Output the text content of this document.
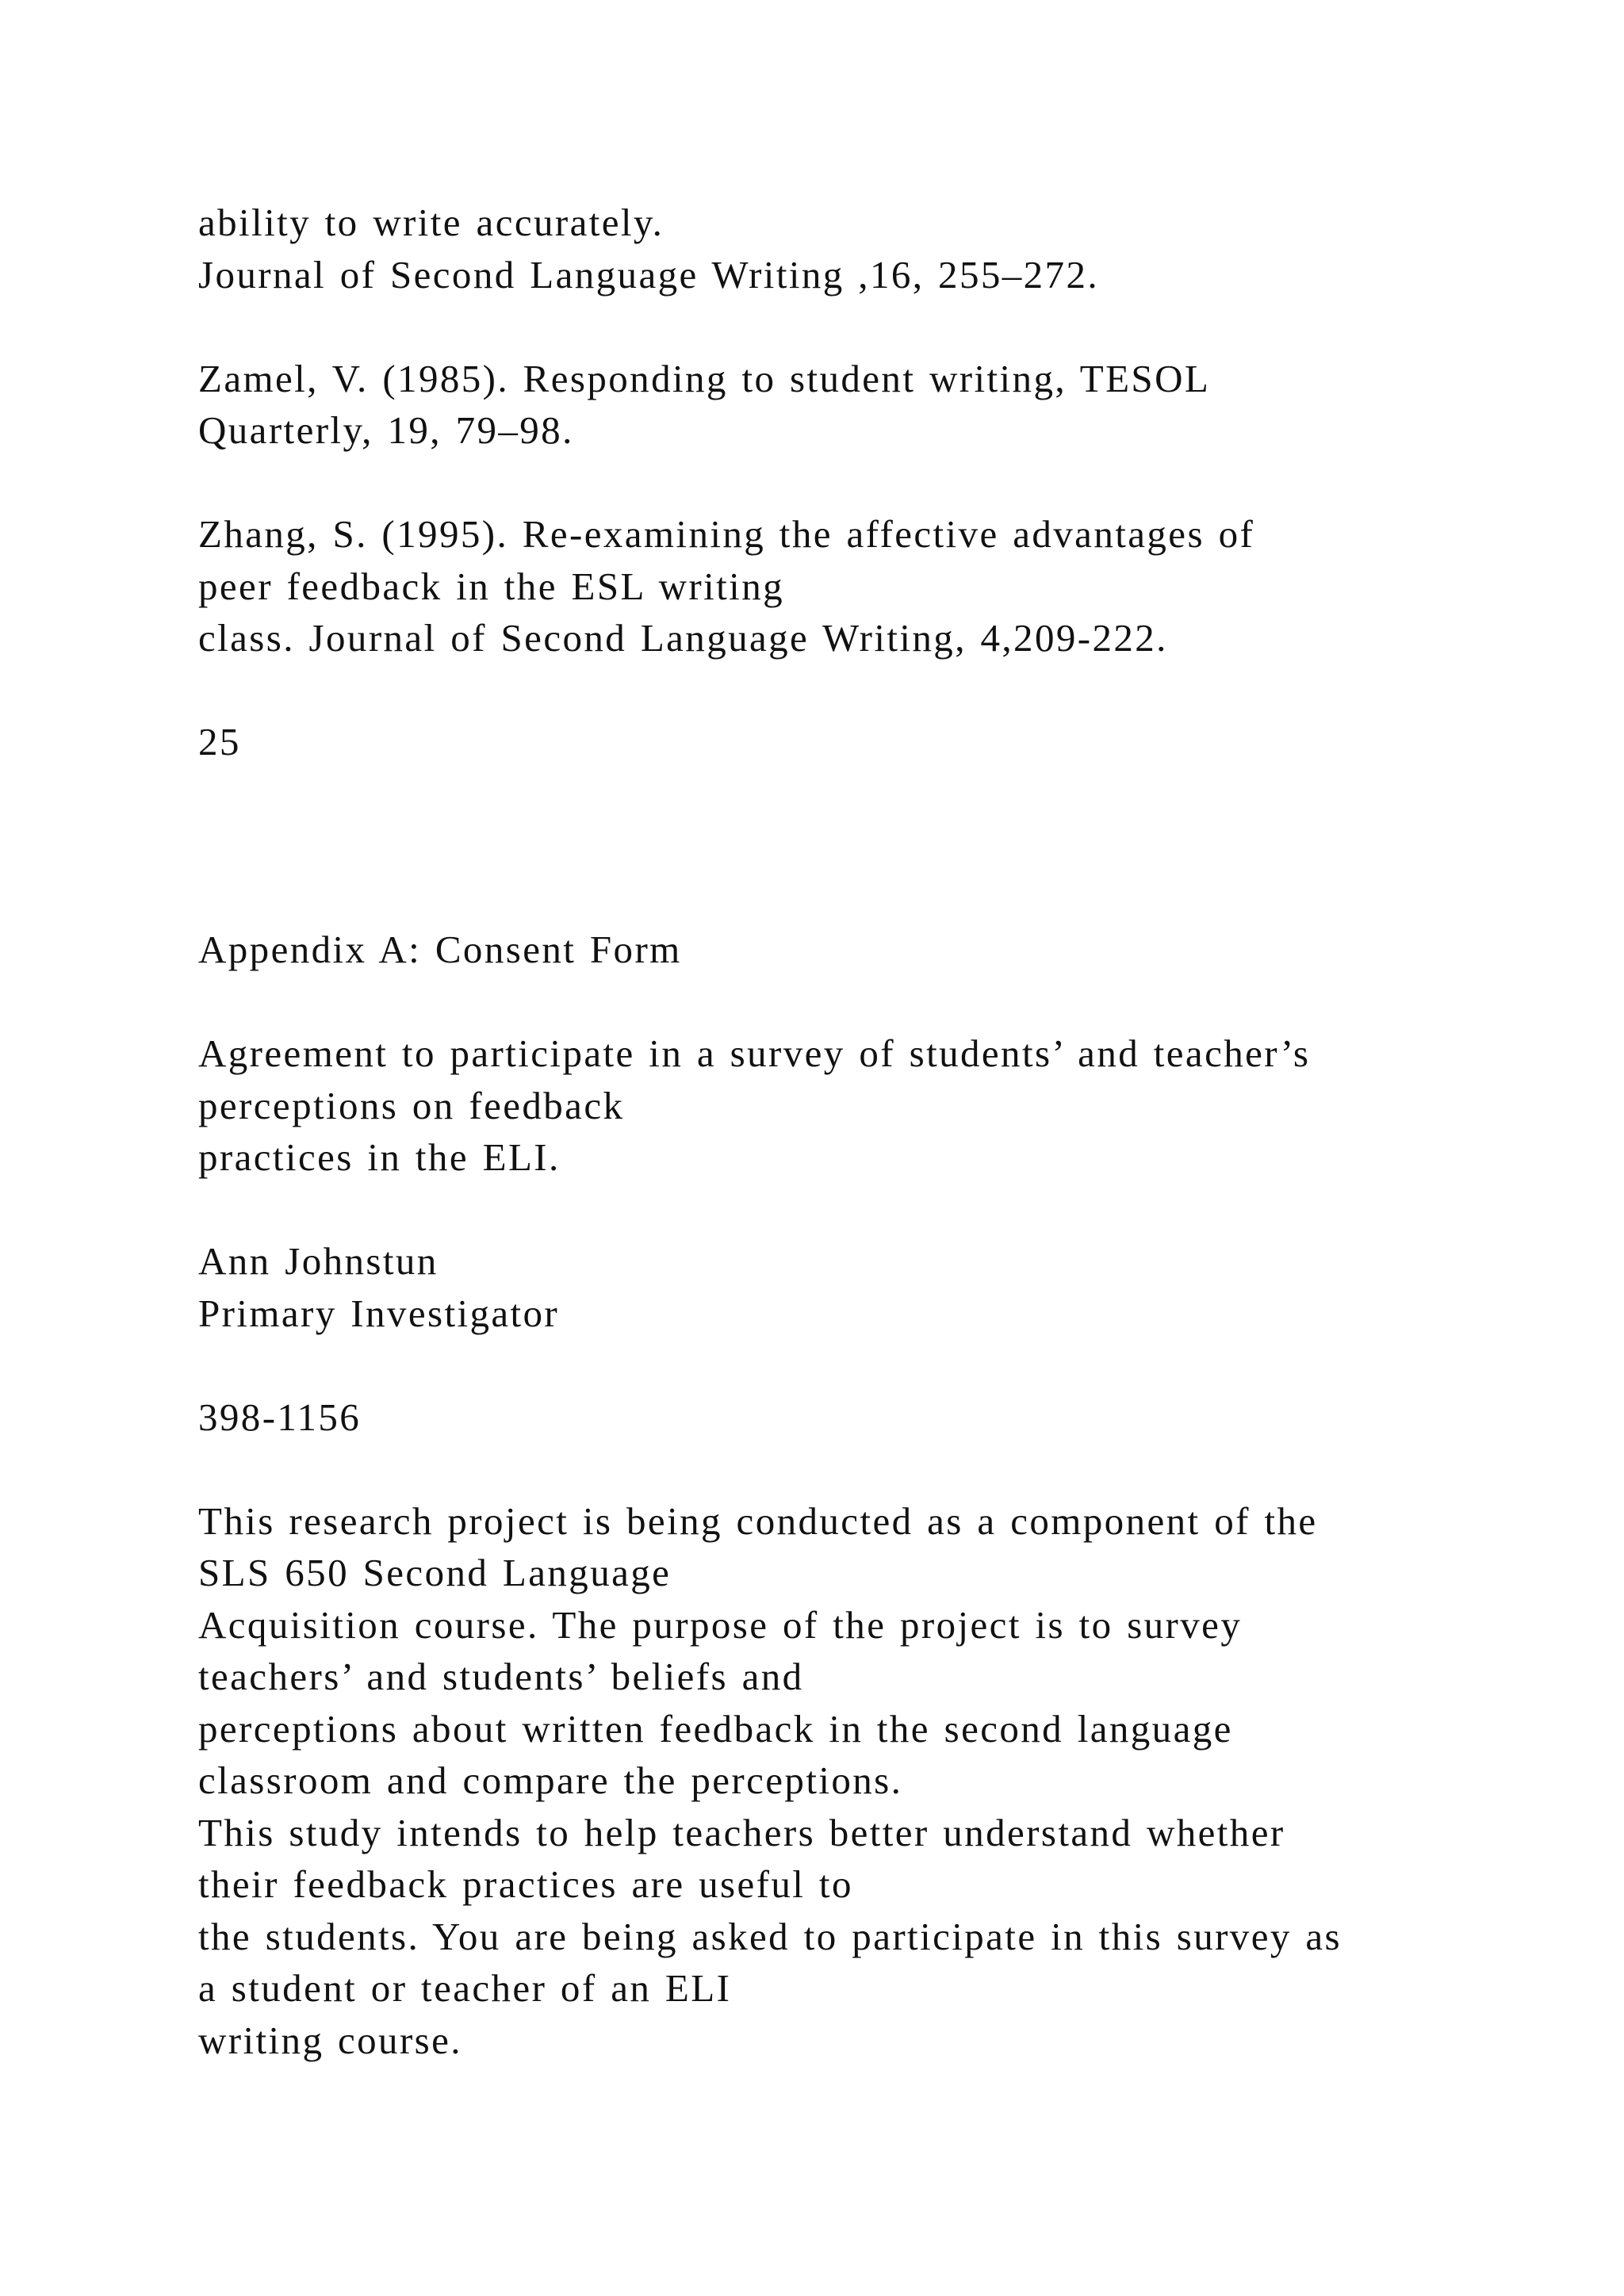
ability to write accurately.
Journal of Second Language Writing ,16, 255–272.
Zamel, V. (1985). Responding to student writing, TESOL
Quarterly, 19, 79–98.
Zhang, S. (1995). Re-examining the affective advantages of
peer feedback in the ESL writing
class. Journal of Second Language Writing, 4,209-222.
25
Appendix A: Consent Form
Agreement to participate in a survey of students’ and teacher’s
perceptions on feedback
practices in the ELI.
Ann Johnstun
Primary Investigator
398-1156
This research project is being conducted as a component of the
SLS 650 Second Language
Acquisition course. The purpose of the project is to survey
teachers’ and students’ beliefs and
perceptions about written feedback in the second language
classroom and compare the perceptions.
This study intends to help teachers better understand whether
their feedback practices are useful to
the students. You are being asked to participate in this survey as
a student or teacher of an ELI
writing course.
